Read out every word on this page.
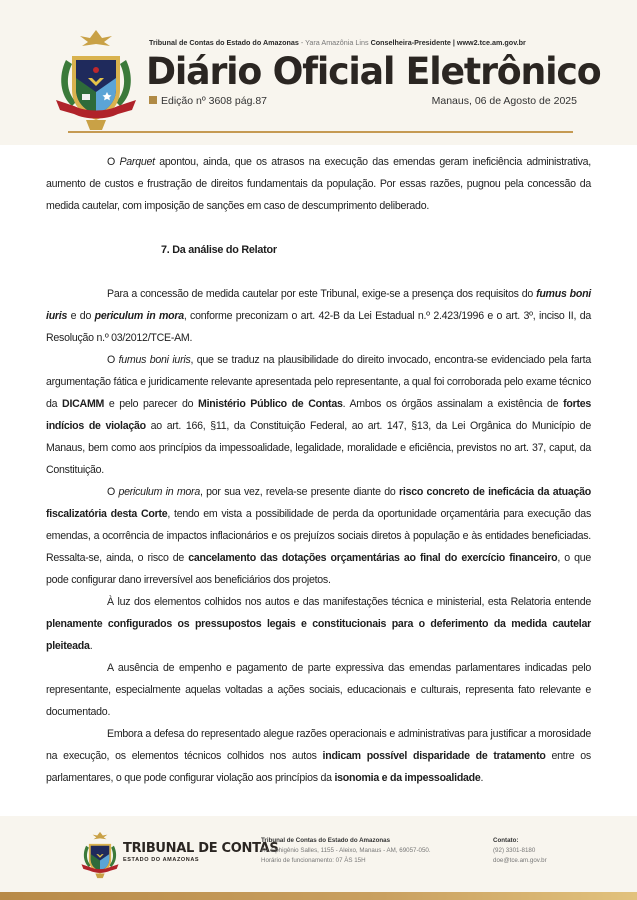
Tribunal de Contas do Estado do Amazonas - Yara Amazônia Lins Conselheira-Presidente | www2.tce.am.gov.br
Diário Oficial Eletrônico
Edição nº 3608 pág.87	Manaus, 06 de Agosto de 2025

O Parquet apontou, ainda, que os atrasos na execução das emendas geram ineficiência administrativa, aumento de custos e frustração de direitos fundamentais da população. Por essas razões, pugnou pela concessão da medida cautelar, com imposição de sanções em caso de descumprimento deliberado.

7. Da análise do Relator

Para a concessão de medida cautelar por este Tribunal, exige-se a presença dos requisitos do fumus boni iuris e do periculum in mora, conforme preconizam o art. 42-B da Lei Estadual n.º 2.423/1996 e o art. 3º, inciso II, da Resolução n.º 03/2012/TCE-AM.

O fumus boni iuris, que se traduz na plausibilidade do direito invocado, encontra-se evidenciado pela farta argumentação fática e juridicamente relevante apresentada pelo representante, a qual foi corroborada pelo exame técnico da DICAMM e pelo parecer do Ministério Público de Contas. Ambos os órgãos assinalam a existência de fortes indícios de violação ao art. 166, §11, da Constituição Federal, ao art. 147, §13, da Lei Orgânica do Município de Manaus, bem como aos princípios da impessoalidade, legalidade, moralidade e eficiência, previstos no art. 37, caput, da Constituição.

O periculum in mora, por sua vez, revela-se presente diante do risco concreto de ineficácia da atuação fiscalizatória desta Corte, tendo em vista a possibilidade de perda da oportunidade orçamentária para execução das emendas, a ocorrência de impactos inflacionários e os prejuízos sociais diretos à população e às entidades beneficiadas. Ressalta-se, ainda, o risco de cancelamento das dotações orçamentárias ao final do exercício financeiro, o que pode configurar dano irreversível aos beneficiários dos projetos.

À luz dos elementos colhidos nos autos e das manifestações técnica e ministerial, esta Relatoria entende plenamente configurados os pressupostos legais e constitucionais para o deferimento da medida cautelar pleiteada.

A ausência de empenho e pagamento de parte expressiva das emendas parlamentares indicadas pelo representante, especialmente aquelas voltadas a ações sociais, educacionais e culturais, representa fato relevante e documentado.

Embora a defesa do representado alegue razões operacionais e administrativas para justificar a morosidade na execução, os elementos técnicos colhidos nos autos indicam possível disparidade de tratamento entre os parlamentares, o que pode configurar violação aos princípios da isonomia e da impessoalidade.

TRIBUNAL DE CONTAS
ESTADO DO AMAZONAS
Tribunal de Contas do Estado do Amazonas
Av. Ephigênio Salles, 1155 - Aleixo, Manaus - AM, 69057-050.
Horário de funcionamento: 07 ÀS 15H
Contato:
(92) 3301-8180
doe@tce.am.gov.br
